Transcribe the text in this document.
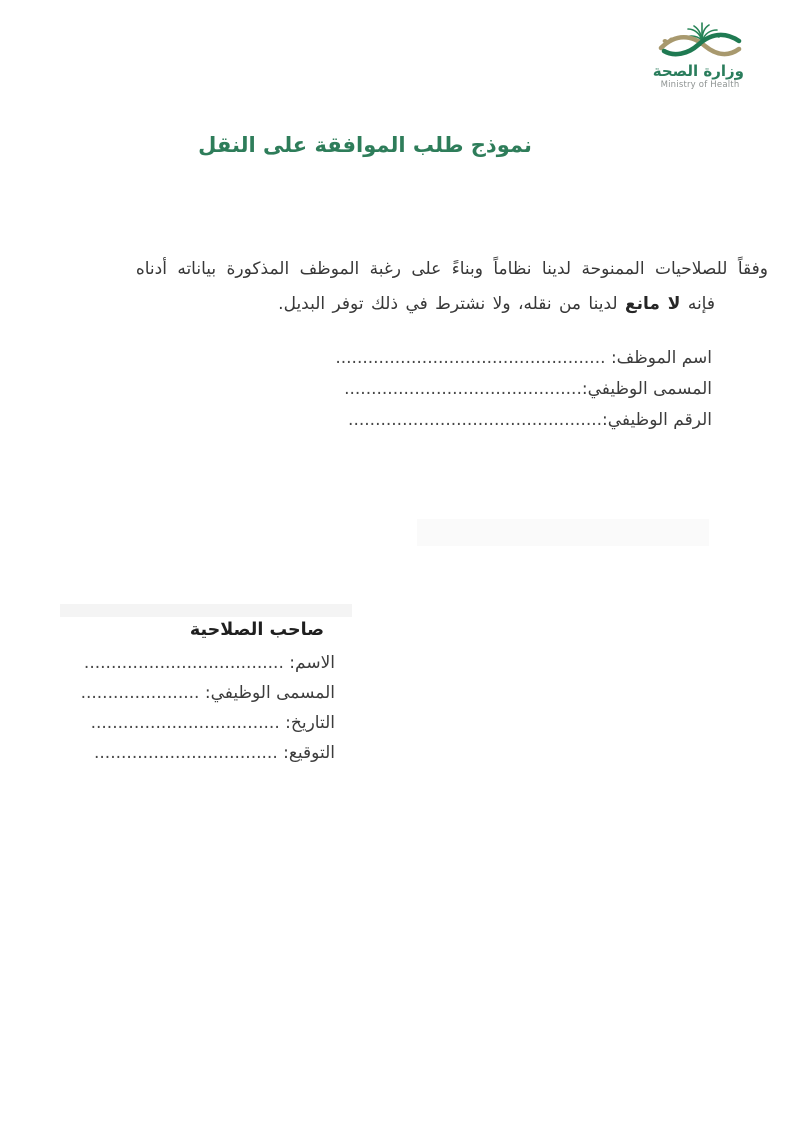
وزارة الصحة
Ministry of Health
نموذج طلب الموافقة على النقل
وفقاً للصلاحيات الممنوحة لدينا نظاماً وبناءً على رغبة الموظف المذكورة بياناته أدناه
فإنه لا مانع لدينا من نقله، ولا نشترط في ذلك توفر البديل.
اسم الموظف: ..................................................
المسمى الوظيفي:............................................
الرقم الوظيفي:...............................................
صاحب الصلاحية
الاسم: .....................................
المسمى الوظيفي: ......................
التاريخ: ...................................
التوقيع: ..................................
